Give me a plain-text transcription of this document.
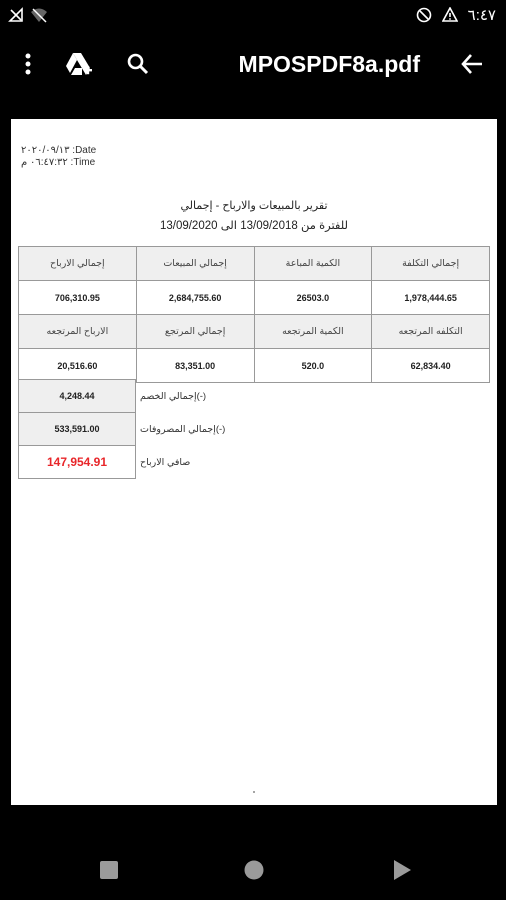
٦:٤٧
MPOSPDF8a.pdf
٢٠٢٠/٠٩/١٣ :Date
٠٦:٤٧:٣٢ م :Time
تقرير بالمبيعات والارباح - إجمالي
للفترة من 13/09/2018 الى 13/09/2020
إجمالي الارباح	إجمالي المبيعات	الكمية المباعة	إجمالي التكلفة
706,310.95	2,684,755.60	26503.0	1,978,444.65
الارباح المرتجعه	إجمالي المرتجع	الكمية المرتجعه	التكلفه المرتجعه
20,516.60	83,351.00	520.0	62,834.40
4,248.44	إجمالي الخصم(-)
533,591.00	إجمالي المصروفات(-)
147,954.91	صافي الارباح
